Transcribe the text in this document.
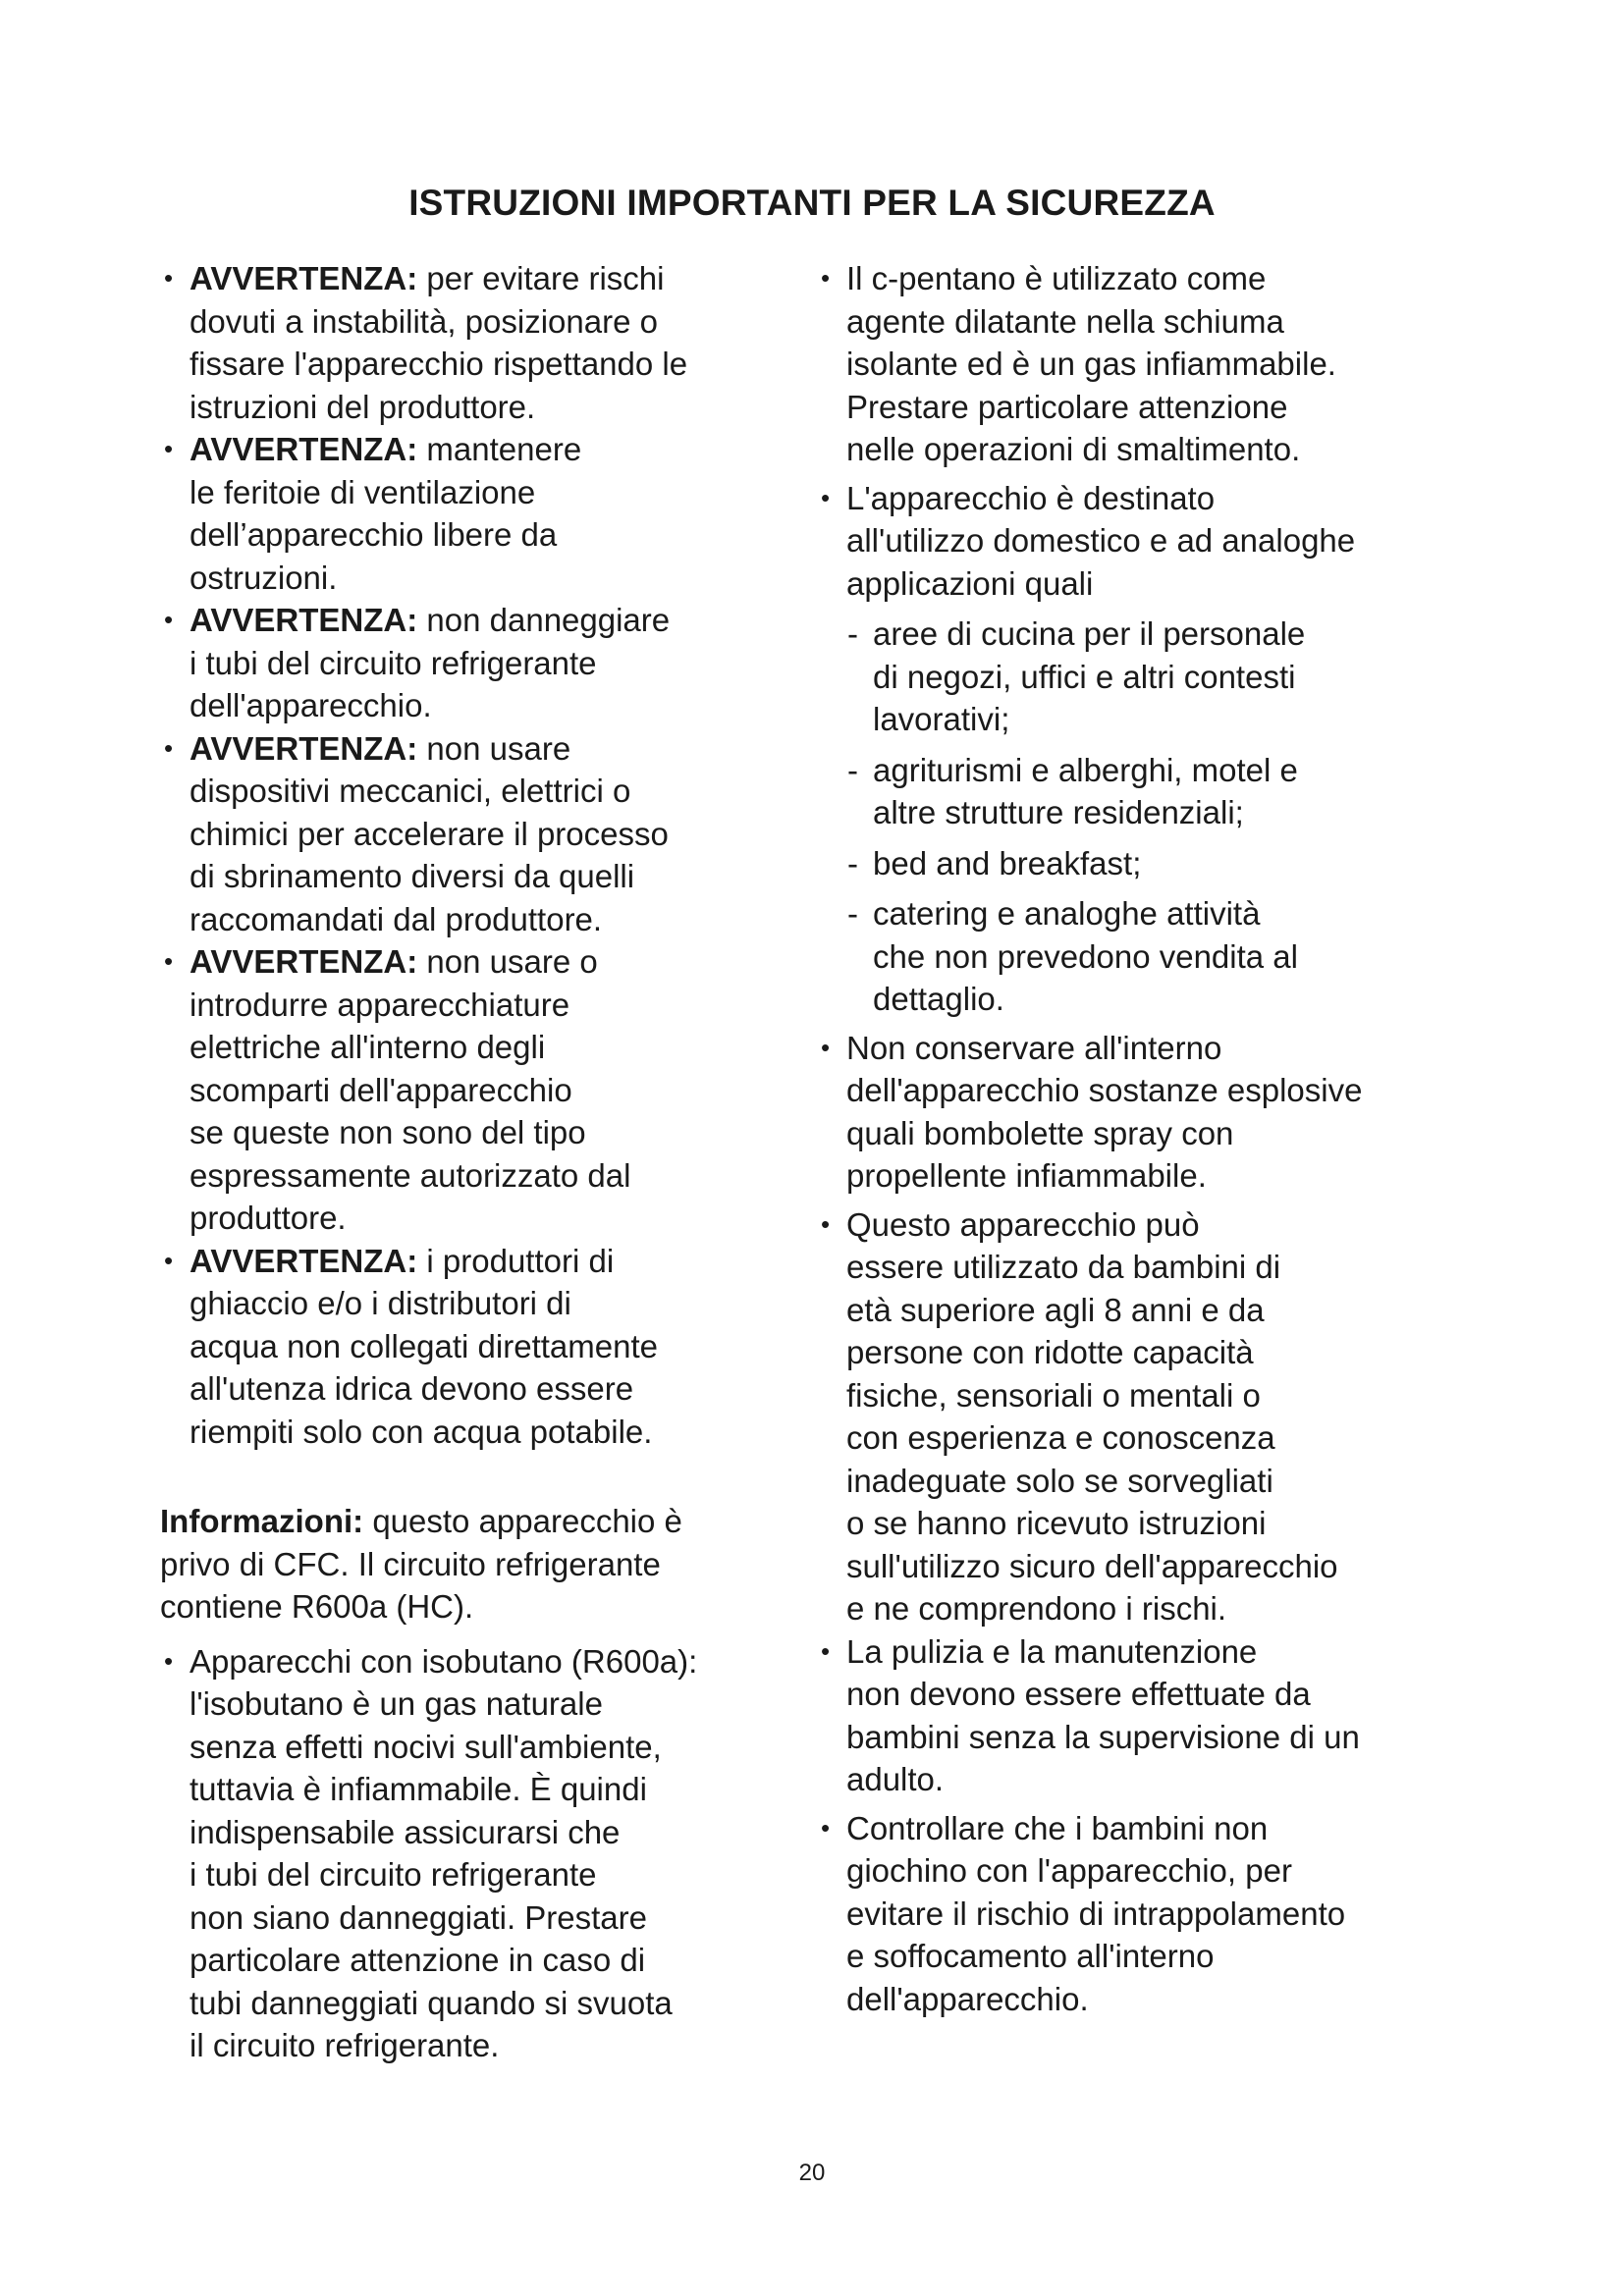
ISTRUZIONI IMPORTANTI PER LA SICUREZZA
• AVVERTENZA: per evitare rischi
dovuti a instabilità, posizionare o
fissare l'apparecchio rispettando le
istruzioni del produttore.
• AVVERTENZA: mantenere
le feritoie di ventilazione
dell’apparecchio libere da
ostruzioni.
• AVVERTENZA: non danneggiare
i tubi del circuito refrigerante
dell'apparecchio.
• AVVERTENZA: non usare
dispositivi meccanici, elettrici o
chimici per accelerare il processo
di sbrinamento diversi da quelli
raccomandati dal produttore.
• AVVERTENZA: non usare o
introdurre apparecchiature
elettriche all'interno degli
scomparti dell'apparecchio
se queste non sono del tipo
espressamente autorizzato dal
produttore.
• AVVERTENZA: i produttori di
ghiaccio e/o i distributori di
acqua non collegati direttamente
all'utenza idrica devono essere
riempiti solo con acqua potabile.
Informazioni: questo apparecchio è
privo di CFC. Il circuito refrigerante
contiene R600a (HC).
• Apparecchi con isobutano (R600a):
l'isobutano è un gas naturale
senza effetti nocivi sull'ambiente,
tuttavia è infiammabile. È quindi
indispensabile assicurarsi che
i tubi del circuito refrigerante
non siano danneggiati. Prestare
particolare attenzione in caso di
tubi danneggiati quando si svuota
il circuito refrigerante.
• Il c-pentano è utilizzato come
agente dilatante nella schiuma
isolante ed è un gas infiammabile.
Prestare particolare attenzione
nelle operazioni di smaltimento.
• L'apparecchio è destinato
all'utilizzo domestico e ad analoghe
applicazioni quali
- aree di cucina per il personale
di negozi, uffici e altri contesti
lavorativi;
- agriturismi e alberghi, motel e
altre strutture residenziali;
- bed and breakfast;
- catering e analoghe attività
che non prevedono vendita al
dettaglio.
• Non conservare all'interno
dell'apparecchio sostanze esplosive
quali bombolette spray con
propellente infiammabile.
• Questo apparecchio può
essere utilizzato da bambini di
età superiore agli 8 anni e da
persone con ridotte capacità
fisiche, sensoriali o mentali o
con esperienza e conoscenza
inadeguate solo se sorvegliati
o se hanno ricevuto istruzioni
sull'utilizzo sicuro dell'apparecchio
e ne comprendono i rischi.
• La pulizia e la manutenzione
non devono essere effettuate da
bambini senza la supervisione di un
adulto.
• Controllare che i bambini non
giochino con l'apparecchio, per
evitare il rischio di intrappolamento
e soffocamento all'interno
dell'apparecchio.
20
